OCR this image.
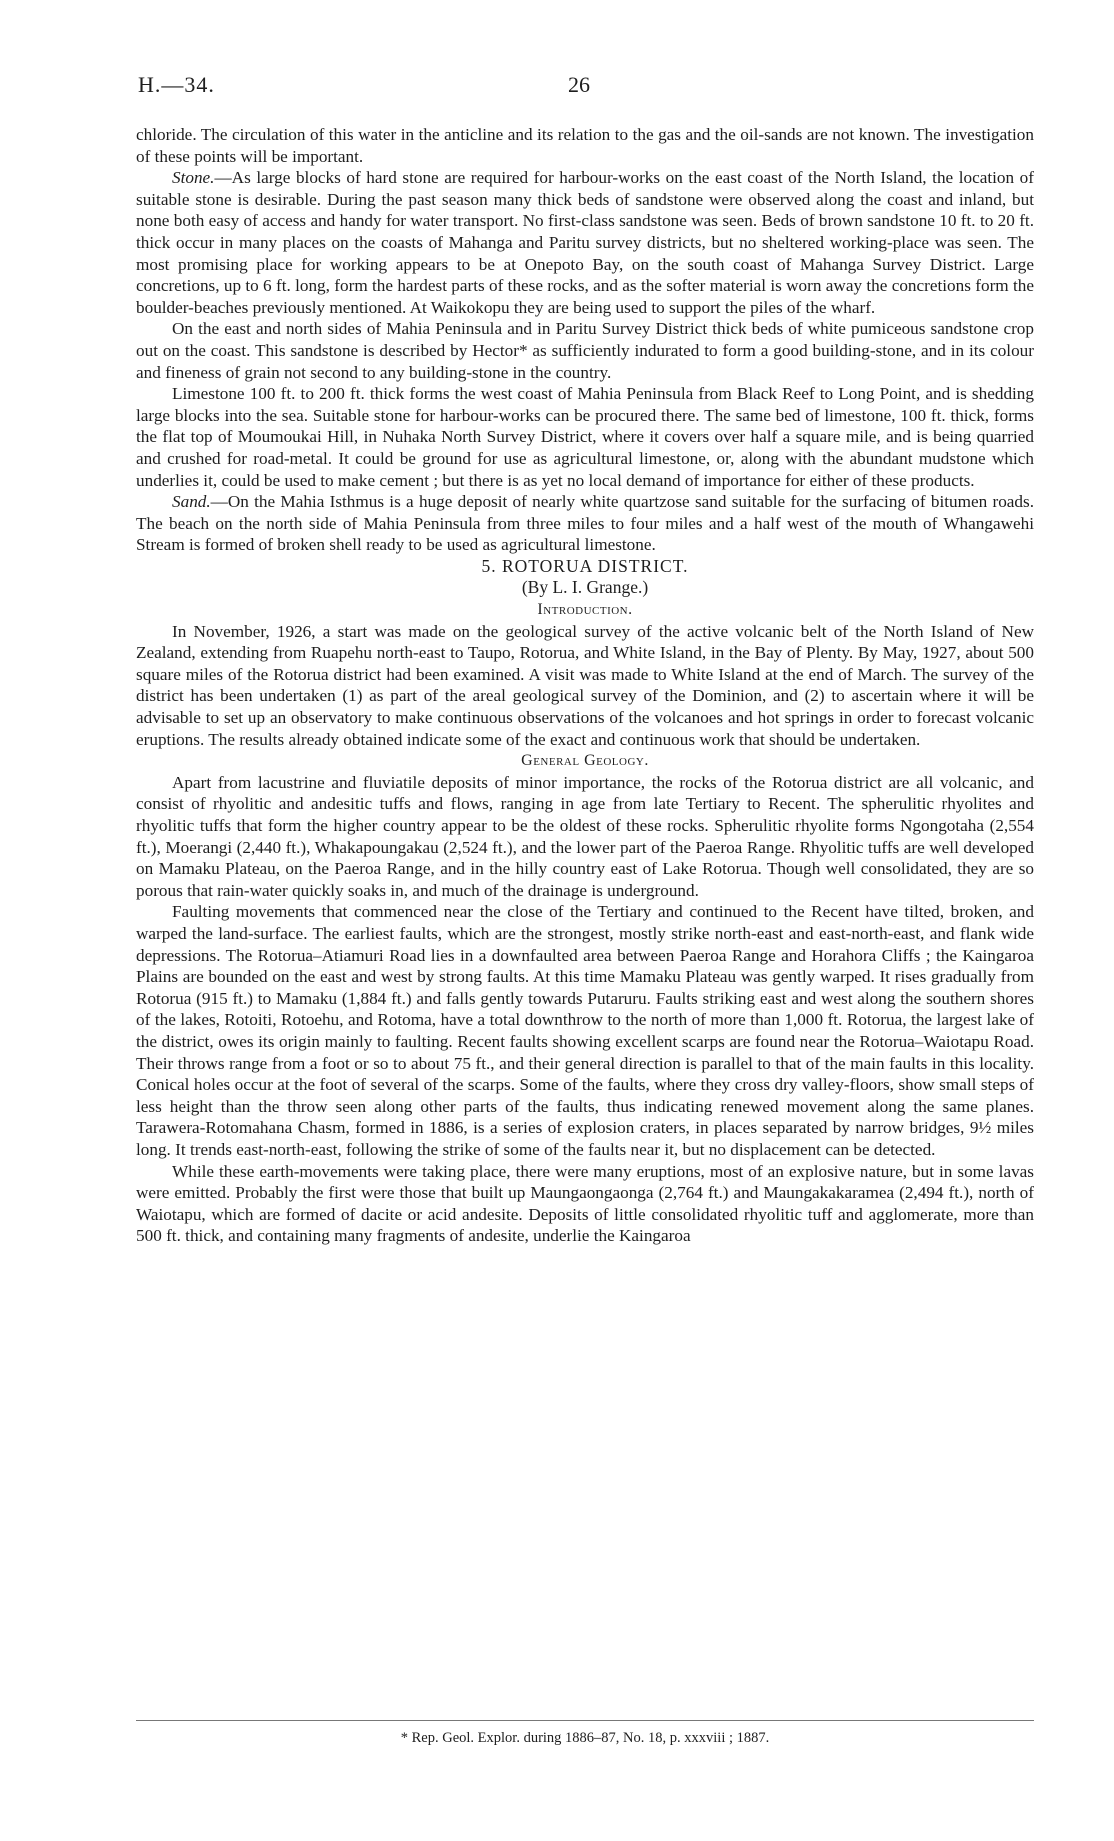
H.—34.	26

chloride. The circulation of this water in the anticline and its relation to the gas and the oil-sands are not known. The investigation of these points will be important.

Stone.—As large blocks of hard stone are required for harbour-works on the east coast of the North Island, the location of suitable stone is desirable. During the past season many thick beds of sandstone were observed along the coast and inland, but none both easy of access and handy for water transport. No first-class sandstone was seen. Beds of brown sandstone 10 ft. to 20 ft. thick occur in many places on the coasts of Mahanga and Paritu survey districts, but no sheltered working-place was seen. The most promising place for working appears to be at Onepoto Bay, on the south coast of Mahanga Survey District. Large concretions, up to 6 ft. long, form the hardest parts of these rocks, and as the softer material is worn away the concretions form the boulder-beaches previously mentioned. At Waikokopu they are being used to support the piles of the wharf.

On the east and north sides of Mahia Peninsula and in Paritu Survey District thick beds of white pumiceous sandstone crop out on the coast. This sandstone is described by Hector* as sufficiently indurated to form a good building-stone, and in its colour and fineness of grain not second to any building-stone in the country.

Limestone 100 ft. to 200 ft. thick forms the west coast of Mahia Peninsula from Black Reef to Long Point, and is shedding large blocks into the sea. Suitable stone for harbour-works can be procured there. The same bed of limestone, 100 ft. thick, forms the flat top of Moumoukai Hill, in Nuhaka North Survey District, where it covers over half a square mile, and is being quarried and crushed for road-metal. It could be ground for use as agricultural limestone, or, along with the abundant mudstone which underlies it, could be used to make cement ; but there is as yet no local demand of importance for either of these products.

Sand.—On the Mahia Isthmus is a huge deposit of nearly white quartzose sand suitable for the surfacing of bitumen roads. The beach on the north side of Mahia Peninsula from three miles to four miles and a half west of the mouth of Whangawehi Stream is formed of broken shell ready to be used as agricultural limestone.

5. ROTORUA DISTRICT.

(By L. I. Grange.)

Introduction.

In November, 1926, a start was made on the geological survey of the active volcanic belt of the North Island of New Zealand, extending from Ruapehu north-east to Taupo, Rotorua, and White Island, in the Bay of Plenty. By May, 1927, about 500 square miles of the Rotorua district had been examined. A visit was made to White Island at the end of March. The survey of the district has been undertaken (1) as part of the areal geological survey of the Dominion, and (2) to ascertain where it will be advisable to set up an observatory to make continuous observations of the volcanoes and hot springs in order to forecast volcanic eruptions. The results already obtained indicate some of the exact and continuous work that should be undertaken.

General Geology.

Apart from lacustrine and fluviatile deposits of minor importance, the rocks of the Rotorua district are all volcanic, and consist of rhyolitic and andesitic tuffs and flows, ranging in age from late Tertiary to Recent. The spherulitic rhyolites and rhyolitic tuffs that form the higher country appear to be the oldest of these rocks. Spherulitic rhyolite forms Ngongotaha (2,554 ft.), Moerangi (2,440 ft.), Whakapoungakau (2,524 ft.), and the lower part of the Paeroa Range. Rhyolitic tuffs are well developed on Mamaku Plateau, on the Paeroa Range, and in the hilly country east of Lake Rotorua. Though well consolidated, they are so porous that rain-water quickly soaks in, and much of the drainage is underground.

Faulting movements that commenced near the close of the Tertiary and continued to the Recent have tilted, broken, and warped the land-surface. The earliest faults, which are the strongest, mostly strike north-east and east-north-east, and flank wide depressions. The Rotorua–Atiamuri Road lies in a downfaulted area between Paeroa Range and Horahora Cliffs ; the Kaingaroa Plains are bounded on the east and west by strong faults. At this time Mamaku Plateau was gently warped. It rises gradually from Rotorua (915 ft.) to Mamaku (1,884 ft.) and falls gently towards Putaruru. Faults striking east and west along the southern shores of the lakes, Rotoiti, Rotoehu, and Rotoma, have a total downthrow to the north of more than 1,000 ft. Rotorua, the largest lake of the district, owes its origin mainly to faulting. Recent faults showing excellent scarps are found near the Rotorua–Waiotapu Road. Their throws range from a foot or so to about 75 ft., and their general direction is parallel to that of the main faults in this locality. Conical holes occur at the foot of several of the scarps. Some of the faults, where they cross dry valley-floors, show small steps of less height than the throw seen along other parts of the faults, thus indicating renewed movement along the same planes. Tarawera-Rotomahana Chasm, formed in 1886, is a series of explosion craters, in places separated by narrow bridges, 9½ miles long. It trends east-north-east, following the strike of some of the faults near it, but no displacement can be detected.

While these earth-movements were taking place, there were many eruptions, most of an explosive nature, but in some lavas were emitted. Probably the first were those that built up Maungaongaonga (2,764 ft.) and Maungakakaramea (2,494 ft.), north of Waiotapu, which are formed of dacite or acid andesite. Deposits of little consolidated rhyolitic tuff and agglomerate, more than 500 ft. thick, and containing many fragments of andesite, underlie the Kaingaroa

* Rep. Geol. Explor. during 1886–87, No. 18, p. xxxviii ; 1887.
